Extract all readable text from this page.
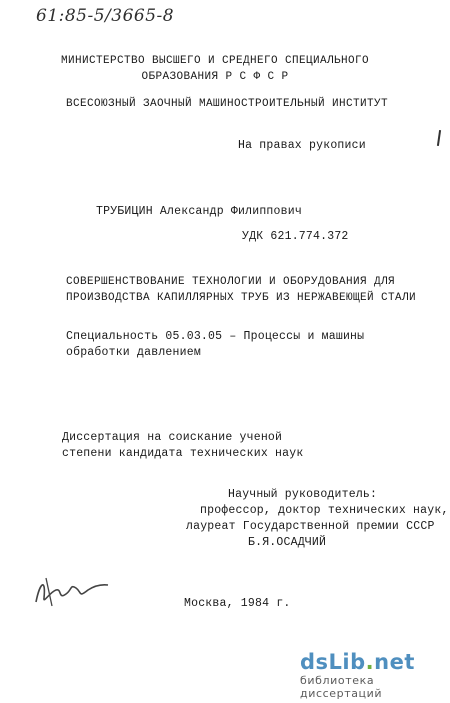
61:85-5/3665-8
МИНИСТЕРСТВО ВЫСШЕГО И СРЕДНЕГО СПЕЦИАЛЬНОГО
ОБРАЗОВАНИЯ Р С Ф С Р
ВСЕСОЮЗНЫЙ ЗАОЧНЫЙ МАШИНОСТРОИТЕЛЬНЫЙ ИНСТИТУТ
На правах рукописи
ТРУБИЦИН Александр Филиппович
УДК 621.774.372
СОВЕРШЕНСТВОВАНИЕ ТЕХНОЛОГИИ И ОБОРУДОВАНИЯ ДЛЯ
ПРОИЗВОДСТВА КАПИЛЛЯРНЫХ ТРУБ ИЗ НЕРЖАВЕЮЩЕЙ СТАЛИ
Специальность 05.03.05 – Процессы и машины
обработки давлением
Диссертация на соискание ученой
степени кандидата технических наук
Научный руководитель:
профессор, доктор технических наук,
лауреат Государственной премии СССР
Б.Я.ОСАДЧИЙ
Москва, 1984 г.
dsLib.net
библиотека диссертаций
